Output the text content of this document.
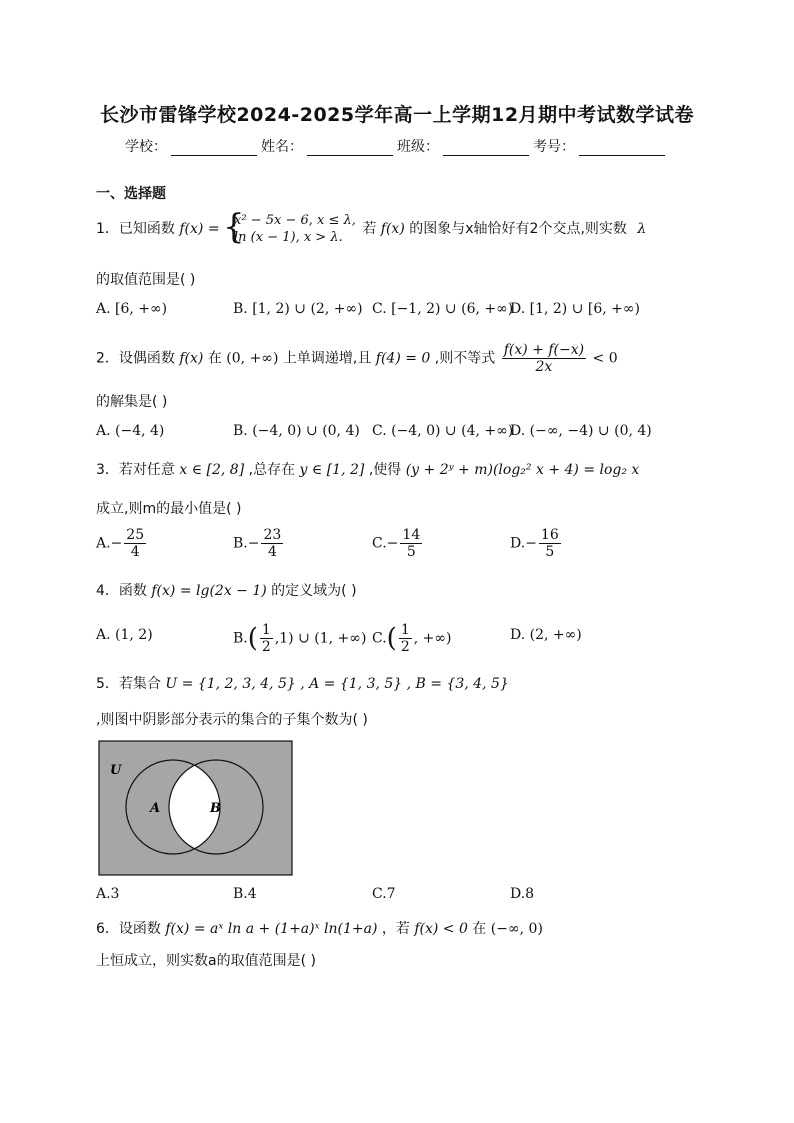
长沙市雷锋学校2024-2025学年高一上学期12月期中考试数学试卷
学校：	姓名：	班级：	考号：
一、选择题
1．已知函数 f(x) = {
x² − 5x − 6, x ≤ λ,
ln (x − 1), x > λ.
若 f(x) 的图象与x轴恰好有2个交点,则实数 λ
的取值范围是( )
A. [6, +∞)	B. [1, 2) ∪ (2, +∞) C. [−1, 2) ∪ (6, +∞)
D. [1, 2) ∪ [6, +∞)
2．设偶函数 f(x) 在 (0, +∞) 上单调递增,且 f(4) = 0 ,则不等式 $\frac{f(x) + f(-x)}{2x} < 0$
的解集是( )
A. (−4, 4)	B. (−4, 0) ∪ (0, 4) C. (−4, 0) ∪ (4, +∞)
D. (−∞, −4) ∪ (0, 4)
3．若对任意 x ∈ [2, 8] ,总存在 y ∈ [1, 2] ,使得 (y + 2ʸ + m)(log₂² x + 4) = log₂ x
成立,则m的最小值是( )
$A.- \frac{25}{4}$	$B.- \frac{23}{4}$	$C.- \frac{14}{5}$	$D.- \frac{16}{5}$
4．函数 f(x) = lg(2x − 1) 的定义域为( )
A. (1, 2)	$B.( \frac{1}{2} ,1)$ ∪ (1, +∞) $C.( \frac{1}{2}$ , +∞)	D. (2, +∞)
5．若集合 U = {1, 2, 3, 4, 5} , A = {1, 3, 5} , B = {3, 4, 5}
,则图中阴影部分表示的集合的子集个数为( )
U
A	B
A.3	B.4	C.7	D.8
6．设函数 f(x) = aˣ ln a + (1+a)ˣ ln(1+a) ，若 f(x) < 0 在 (−∞, 0)
上恒成立，则实数a的取值范围是( )
